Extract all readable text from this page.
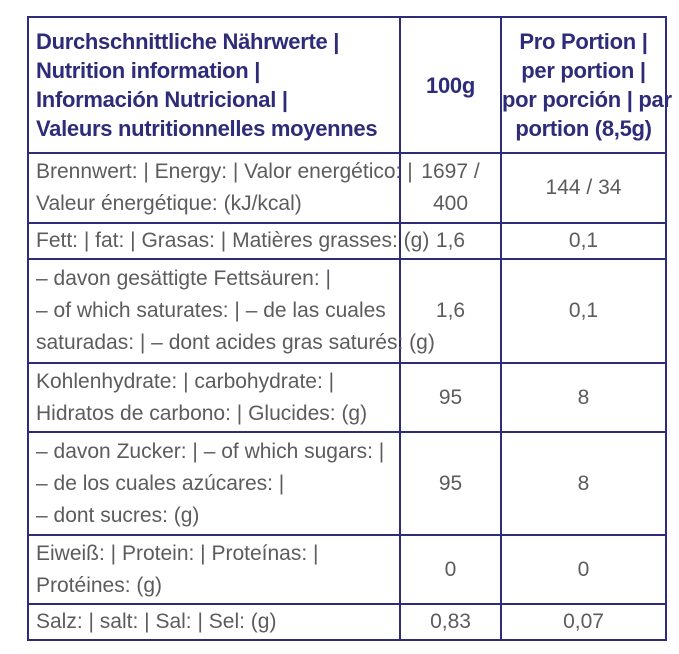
Durchschnittliche Nährwerte |
Nutrition information |
Información Nutricional |
Valeurs nutritionnelles moyennes	100g	Pro Portion |
per portion |
por porción | par
portion (8,5g)

Brennwert: | Energy: | Valor energético: |
Valeur énergétique: (kJ/kcal)	1697 /
400	144 / 34

Fett: | fat: | Grasas: | Matières grasses: (g)	1,6	0,1

– davon gesättigte Fettsäuren: |
– of which saturates: | – de las cuales
saturadas: | – dont acides gras saturés: (g)	1,6	0,1

Kohlenhydrate: | carbohydrate: |
Hidratos de carbono: | Glucides: (g)	95	8

– davon Zucker: | – of which sugars: |
– de los cuales azúcares: |
– dont sucres: (g)	95	8

Eiweiß: | Protein: | Proteínas: |
Protéines: (g)	0	0

Salz: | salt: | Sal: | Sel: (g)	0,83	0,07
